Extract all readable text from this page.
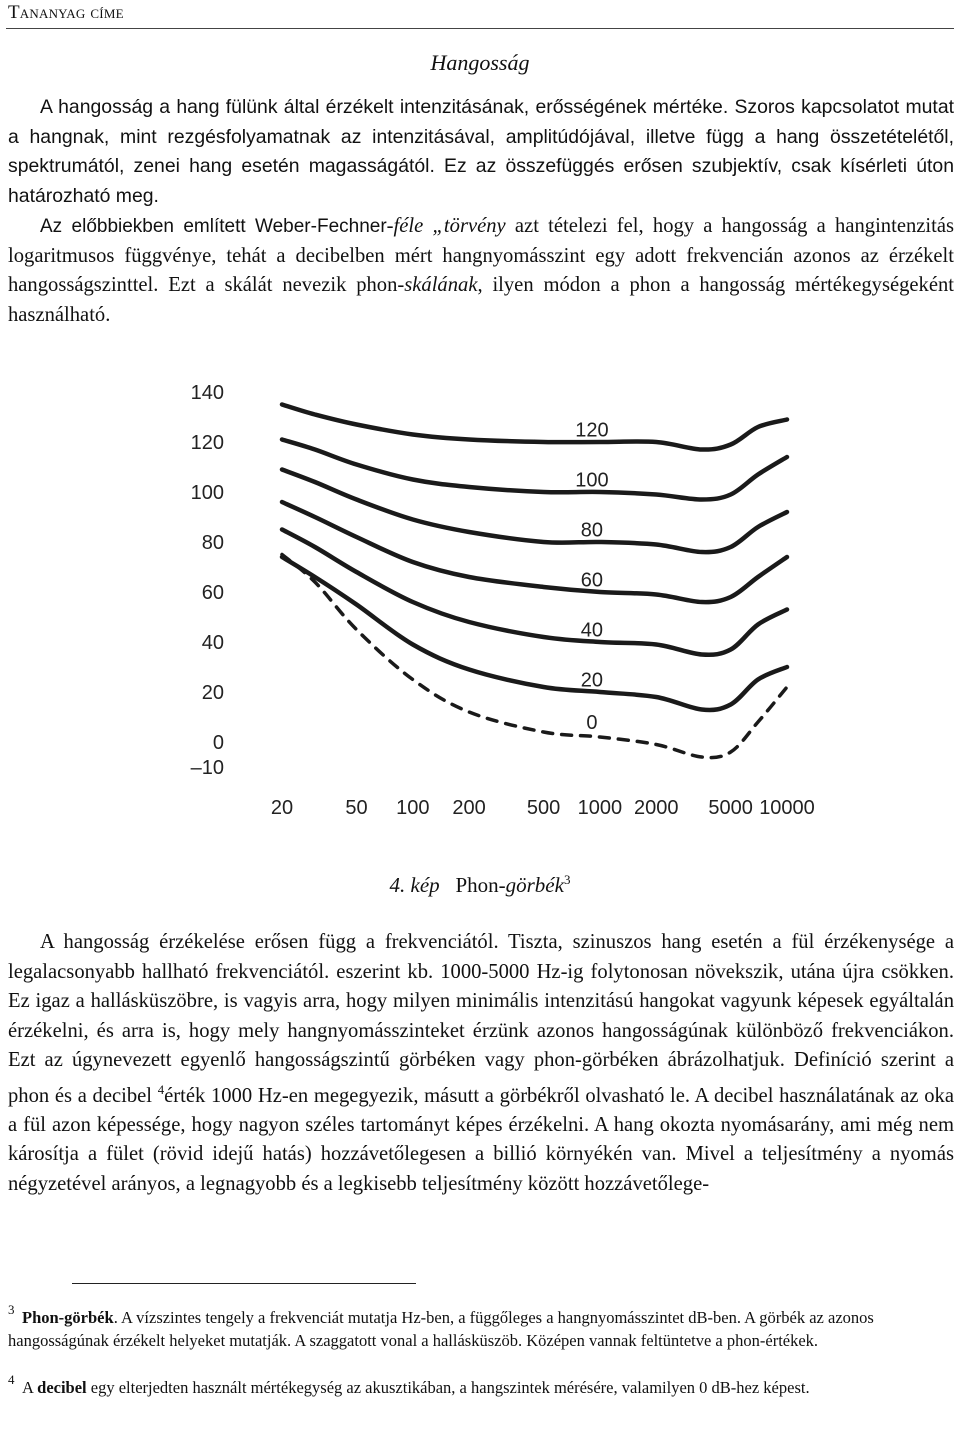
Tananyag címe
Hangosság
A hangosság a hang fülünk által érzékelt intenzitásának, erősségének mértéke. Szoros kapcsolatot mutat a hangnak, mint rezgésfolyamatnak az intenzitásával, amplitúdójával, illetve függ a hang összetételétől, spektrumától, zenei hang esetén magasságától. Ez az összefüggés erősen szubjektív, csak kísérleti úton határozható meg.
Az előbbiekben említett Weber-Fechner-féle „törvény azt tételezi fel, hogy a hangosság a hangintenzitás logaritmusos függvénye, tehát a decibelben mért hangnyomásszint egy adott frekvencián azonos az érzékelt hangosságszinttel. Ezt a skálát nevezik phon-skálának, ilyen módon a phon a hangosság mértékegységeként használható.
140
120
100
80
60
40
20
0
–10
20	50 100 200 500 1000 2000 5000 10000
120
100
80
60
40
20
0
4. kép Phon-görbék$^3$
A hangosság érzékelése erősen függ a frekvenciától. Tiszta, szinuszos hang esetén a fül érzékenysége a legalacsonyabb hallható frekvenciától. eszerint kb. 1000-5000 Hz-ig folytonosan növekszik, utána újra csökken. Ez igaz a hallásküszöbre, is vagyis arra, hogy milyen minimális intenzitású hangokat vagyunk képesek egyáltalán érzékelni, és arra is, hogy mely hangnyomásszinteket érzünk azonos hangosságúnak különböző frekvenciákon. Ezt az úgynevezett egyenlő hangosságszintű görbéken vagy phon-görbéken ábrázolhatjuk. Definíció szerint a phon és a decibel $^4$érték 1000 Hz-en megegyezik, másutt a görbékről olvasható le. A decibel használatának az oka a fül azon képessége, hogy nagyon széles tartományt képes érzékelni. A hang okozta nyomásarány, ami még nem károsítja a fület (rövid idejű hatás) hozzávetőlegesen a billió környékén van. Mivel a teljesítmény a nyomás négyzetével arányos, a legnagyobb és a legkisebb teljesítmény között hozzávetőlege-
3 Phon-görbék. A vízszintes tengely a frekvenciát mutatja Hz-ben, a függőleges a hangnyomásszintet dB-ben. A görbék az azonos hangosságúnak érzékelt helyeket mutatják. A szaggatott vonal a hallásküszöb. Középen vannak feltüntetve a phon-értékek.
4 A decibel egy elterjedten használt mértékegység az akusztikában, a hangszintek mérésére, valamilyen 0 dB-hez képest.
